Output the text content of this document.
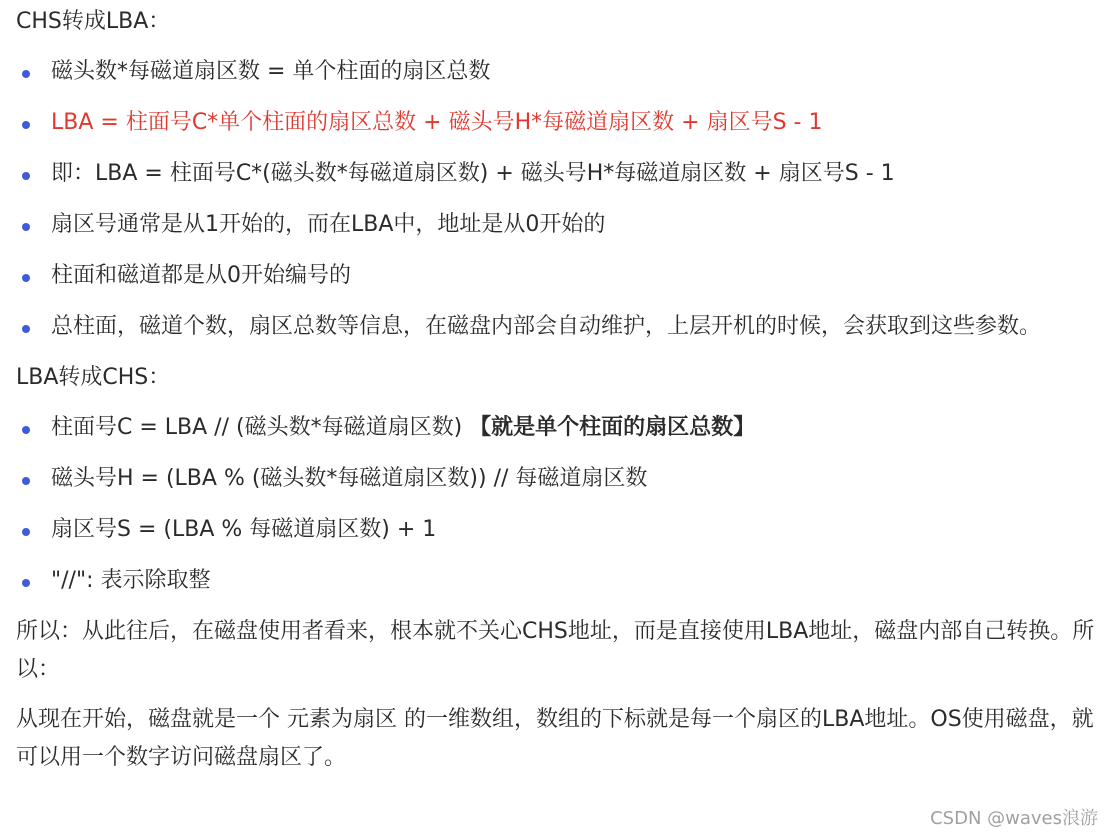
CHS转成LBA：

磁头数*每磁道扇区数 = 单个柱面的扇区总数
LBA = 柱面号C*单个柱面的扇区总数 + 磁头号H*每磁道扇区数 + 扇区号S - 1
即：LBA = 柱面号C*(磁头数*每磁道扇区数) + 磁头号H*每磁道扇区数 + 扇区号S - 1
扇区号通常是从1开始的，而在LBA中，地址是从0开始的
柱面和磁道都是从0开始编号的
总柱面，磁道个数，扇区总数等信息，在磁盘内部会自动维护，上层开机的时候，会获取到这些参数。

LBA转成CHS：

柱面号C = LBA // (磁头数*每磁道扇区数) 【就是单个柱面的扇区总数】
磁头号H = (LBA % (磁头数*每磁道扇区数)) // 每磁道扇区数
扇区号S = (LBA % 每磁道扇区数) + 1
"//": 表示除取整

所以：从此往后，在磁盘使用者看来，根本就不关心CHS地址，而是直接使用LBA地址，磁盘内部自己转换。所以：

从现在开始，磁盘就是一个 元素为扇区 的一维数组，数组的下标就是每一个扇区的LBA地址。OS使用磁盘，就可以用一个数字访问磁盘扇区了。

CSDN @waves浪游
